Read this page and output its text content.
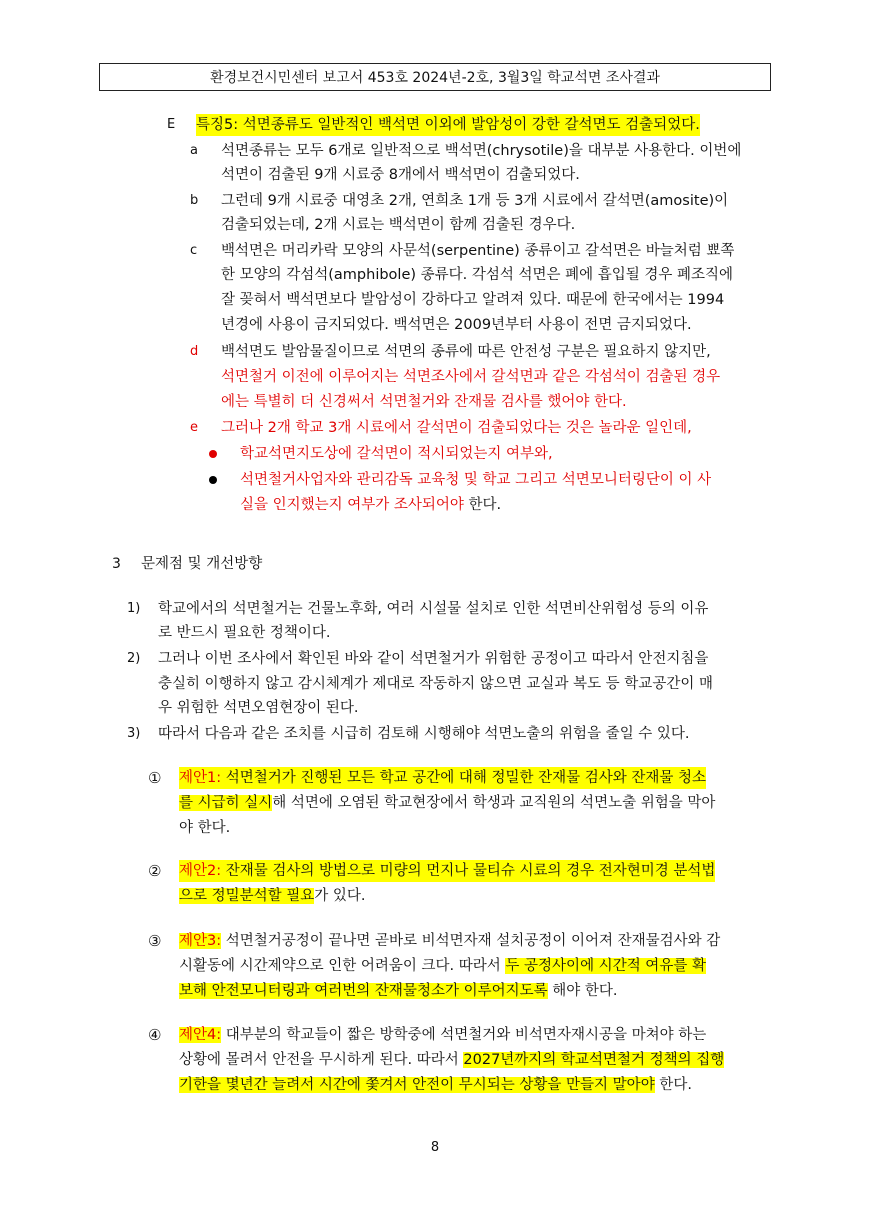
환경보건시민센터 보고서 453호 2024년-2호, 3월3일 학교석면 조사결과
E 특징5: 석면종류도 일반적인 백석면 이외에 발암성이 강한 갈석면도 검출되었다.
a 석면종류는 모두 6개로 일반적으로 백석면(chrysotile)을 대부분 사용한다. 이번에
석면이 검출된 9개 시료중 8개에서 백석면이 검출되었다.
b 그런데 9개 시료중 대영초 2개, 연희초 1개 등 3개 시료에서 갈석면(amosite)이
검출되었는데, 2개 시료는 백석면이 함께 검출된 경우다.
c 백석면은 머리카락 모양의 사문석(serpentine) 종류이고 갈석면은 바늘처럼 뾰쪽
한 모양의 각섬석(amphibole) 종류다. 각섬석 석면은 폐에 흡입될 경우 폐조직에
잘 꽂혀서 백석면보다 발암성이 강하다고 알려져 있다. 때문에 한국에서는 1994
년경에 사용이 금지되었다. 백석면은 2009년부터 사용이 전면 금지되었다.
d 백석면도 발암물질이므로 석면의 종류에 따른 안전성 구분은 필요하지 않지만,
석면철거 이전에 이루어지는 석면조사에서 갈석면과 같은 각섬석이 검출된 경우
에는 특별히 더 신경써서 석면철거와 잔재물 검사를 했어야 한다.
e 그러나 2개 학교 3개 시료에서 갈석면이 검출되었다는 것은 놀라운 일인데,
학교석면지도상에 갈석면이 적시되었는지 여부와,
석면철거사업자와 관리감독 교육청 및 학교 그리고 석면모니터링단이 이 사
실을 인지했는지 여부가 조사되어야 한다.
3 문제점 및 개선방향
1) 학교에서의 석면철거는 건물노후화, 여러 시설물 설치로 인한 석면비산위험성 등의 이유
로 반드시 필요한 정책이다.
2) 그러나 이번 조사에서 확인된 바와 같이 석면철거가 위험한 공정이고 따라서 안전지침을
충실히 이행하지 않고 감시체계가 제대로 작동하지 않으면 교실과 복도 등 학교공간이 매
우 위험한 석면오염현장이 된다.
3) 따라서 다음과 같은 조치를 시급히 검토해 시행해야 석면노출의 위험을 줄일 수 있다.
① 제안1: 석면철거가 진행된 모든 학교 공간에 대해 정밀한 잔재물 검사와 잔재물 청소
를 시급히 실시해 석면에 오염된 학교현장에서 학생과 교직원의 석면노출 위험을 막아
야 한다.
② 제안2: 잔재물 검사의 방법으로 미량의 먼지나 물티슈 시료의 경우 전자현미경 분석법
으로 정밀분석할 필요가 있다.
③ 제안3: 석면철거공정이 끝나면 곧바로 비석면자재 설치공정이 이어져 잔재물검사와 감
시활동에 시간제약으로 인한 어려움이 크다. 따라서 두 공정사이에 시간적 여유를 확
보해 안전모니터링과 여러번의 잔재물청소가 이루어지도록 해야 한다.
④ 제안4: 대부분의 학교들이 짧은 방학중에 석면철거와 비석면자재시공을 마쳐야 하는
상황에 몰려서 안전을 무시하게 된다. 따라서 2027년까지의 학교석면철거 정책의 집행
기한을 몇년간 늘려서 시간에 쫓겨서 안전이 무시되는 상황을 만들지 말아야 한다.
8
